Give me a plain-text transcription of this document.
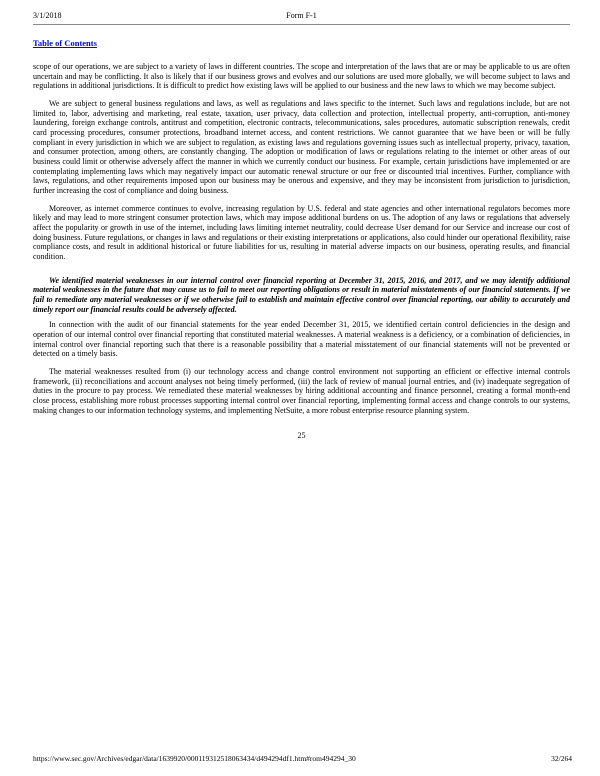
3/1/2018	Form F-1
Table of Contents

scope of our operations, we are subject to a variety of laws in different countries. The scope and interpretation of the laws that are or may be applicable to us are often uncertain and may be conflicting. It also is likely that if our business grows and evolves and our solutions are used more globally, we will become subject to laws and regulations in additional jurisdictions. It is difficult to predict how existing laws will be applied to our business and the new laws to which we may become subject.

We are subject to general business regulations and laws, as well as regulations and laws specific to the internet. Such laws and regulations include, but are not limited to, labor, advertising and marketing, real estate, taxation, user privacy, data collection and protection, intellectual property, anti-corruption, anti-money laundering, foreign exchange controls, antitrust and competition, electronic contracts, telecommunications, sales procedures, automatic subscription renewals, credit card processing procedures, consumer protections, broadband internet access, and content restrictions. We cannot guarantee that we have been or will be fully compliant in every jurisdiction in which we are subject to regulation, as existing laws and regulations governing issues such as intellectual property, privacy, taxation, and consumer protection, among others, are constantly changing. The adoption or modification of laws or regulations relating to the internet or other areas of our business could limit or otherwise adversely affect the manner in which we currently conduct our business. For example, certain jurisdictions have implemented or are contemplating implementing laws which may negatively impact our automatic renewal structure or our free or discounted trial incentives. Further, compliance with laws, regulations, and other requirements imposed upon our business may be onerous and expensive, and they may be inconsistent from jurisdiction to jurisdiction, further increasing the cost of compliance and doing business.

Moreover, as internet commerce continues to evolve, increasing regulation by U.S. federal and state agencies and other international regulators becomes more likely and may lead to more stringent consumer protection laws, which may impose additional burdens on us. The adoption of any laws or regulations that adversely affect the popularity or growth in use of the internet, including laws limiting internet neutrality, could decrease User demand for our Service and increase our cost of doing business. Future regulations, or changes in laws and regulations or their existing interpretations or applications, also could hinder our operational flexibility, raise compliance costs, and result in additional historical or future liabilities for us, resulting in material adverse impacts on our business, operating results, and financial condition.

We identified material weaknesses in our internal control over financial reporting at December 31, 2015, 2016, and 2017, and we may identify additional material weaknesses in the future that may cause us to fail to meet our reporting obligations or result in material misstatements of our financial statements. If we fail to remediate any material weaknesses or if we otherwise fail to establish and maintain effective control over financial reporting, our ability to accurately and timely report our financial results could be adversely affected.

In connection with the audit of our financial statements for the year ended December 31, 2015, we identified certain control deficiencies in the design and operation of our internal control over financial reporting that constituted material weaknesses. A material weakness is a deficiency, or a combination of deficiencies, in internal control over financial reporting such that there is a reasonable possibility that a material misstatement of our financial statements will not be prevented or detected on a timely basis.

The material weaknesses resulted from (i) our technology access and change control environment not supporting an efficient or effective internal controls framework, (ii) reconciliations and account analyses not being timely performed, (iii) the lack of review of manual journal entries, and (iv) inadequate segregation of duties in the procure to pay process. We remediated these material weaknesses by hiring additional accounting and finance personnel, creating a formal month-end close process, establishing more robust processes supporting internal control over financial reporting, implementing formal access and change controls to our systems, making changes to our information technology systems, and implementing NetSuite, a more robust enterprise resource planning system.

25
https://www.sec.gov/Archives/edgar/data/1639920/000119312518063434/d494294df1.htm#rom494294_30	32/264
